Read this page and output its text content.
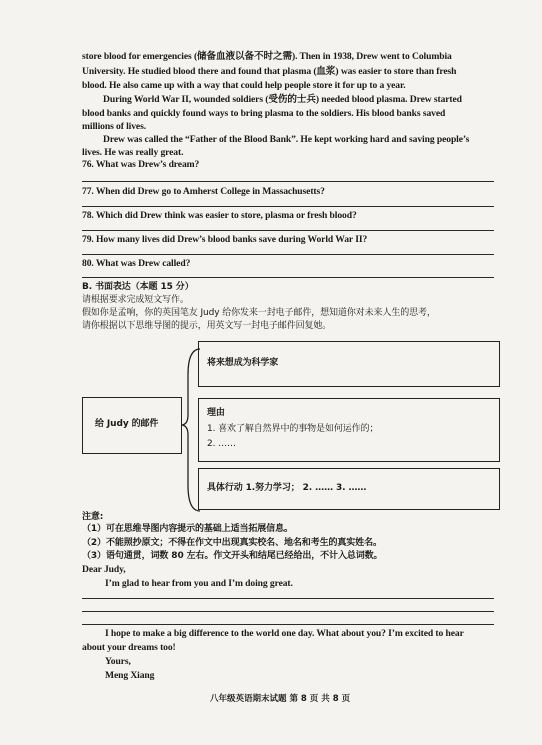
store blood for emergencies (储备血液以备不时之需). Then in 1938, Drew went to Columbia
University. He studied blood there and found that plasma (血浆) was easier to store than fresh
blood. He also came up with a way that could help people store it for up to a year.
During World War II, wounded soldiers (受伤的士兵) needed blood plasma. Drew started
blood banks and quickly found ways to bring plasma to the soldiers. His blood banks saved
millions of lives.
Drew was called the “Father of the Blood Bank”. He kept working hard and saving people’s
lives. He was really great.
76. What was Drew’s dream?
77. When did Drew go to Amherst College in Massachusetts?
78. Which did Drew think was easier to store, plasma or fresh blood?
79. How many lives did Drew’s blood banks save during World War II?
80. What was Drew called?
B. 书面表达（本题 15 分）
请根据要求完成短文写作。
假如你是孟响，你的英国笔友 Judy 给你发来一封电子邮件，想知道你对未来人生的思考，
请你根据以下思维导图的提示，用英文写一封电子邮件回复她。
给 Judy 的邮件
将来想成为科学家
理由
1. 喜欢了解自然界中的事物是如何运作的；
2. ……
具体行动 1.努力学习； 2. …… 3. ……
注意:
（1）可在思维导图内容提示的基础上适当拓展信息。
（2）不能照抄原文；不得在作文中出现真实校名、地名和考生的真实姓名。
（3）语句通贯，词数 80 左右。作文开头和结尾已经给出，不计入总词数。
Dear Judy,
I’m glad to hear from you and I’m doing great.
I hope to make a big difference to the world one day. What about you? I’m excited to hear
about your dreams too!
Yours,
Meng Xiang
八年级英语期末试题 第 8 页 共 8 页
